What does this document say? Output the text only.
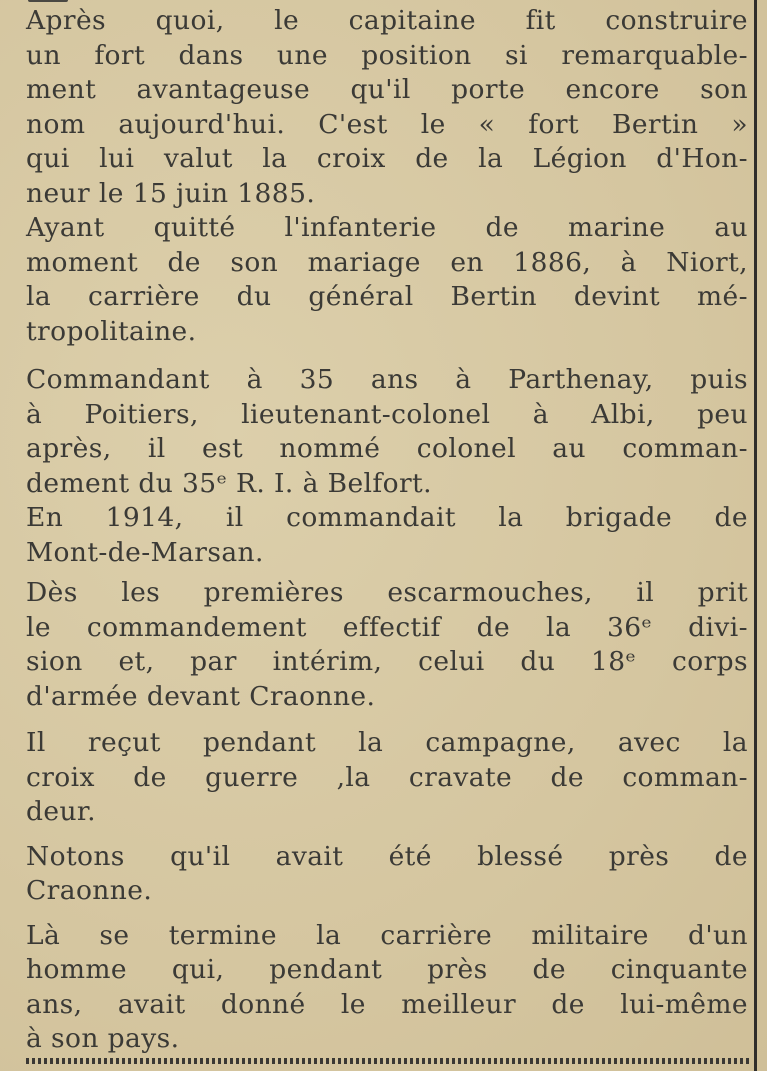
Après quoi, le capitaine fit construire
un fort dans une position si remarquable-
ment avantageuse qu'il porte encore son
nom aujourd'hui. C'est le « fort Bertin »
qui lui valut la croix de la Légion d'Hon-
neur le 15 juin 1885.
Ayant quitté l'infanterie de marine au
moment de son mariage en 1886, à Niort,
la carrière du général Bertin devint mé-
tropolitaine.
Commandant à 35 ans à Parthenay, puis
à Poitiers, lieutenant-colonel à Albi, peu
après, il est nommé colonel au comman-
dement du 35ᵉ R. I. à Belfort.
En 1914, il commandait la brigade de
Mont-de-Marsan.
Dès les premières escarmouches, il prit
le commandement effectif de la 36ᵉ divi-
sion et, par intérim, celui du 18ᵉ corps
d'armée devant Craonne.
Il reçut pendant la campagne, avec la
croix de guerre ,la cravate de comman-
deur.
Notons qu'il avait été blessé près de
Craonne.
Là se termine la carrière militaire d'un
homme qui, pendant près de cinquante
ans, avait donné le meilleur de lui-même
à son pays.
